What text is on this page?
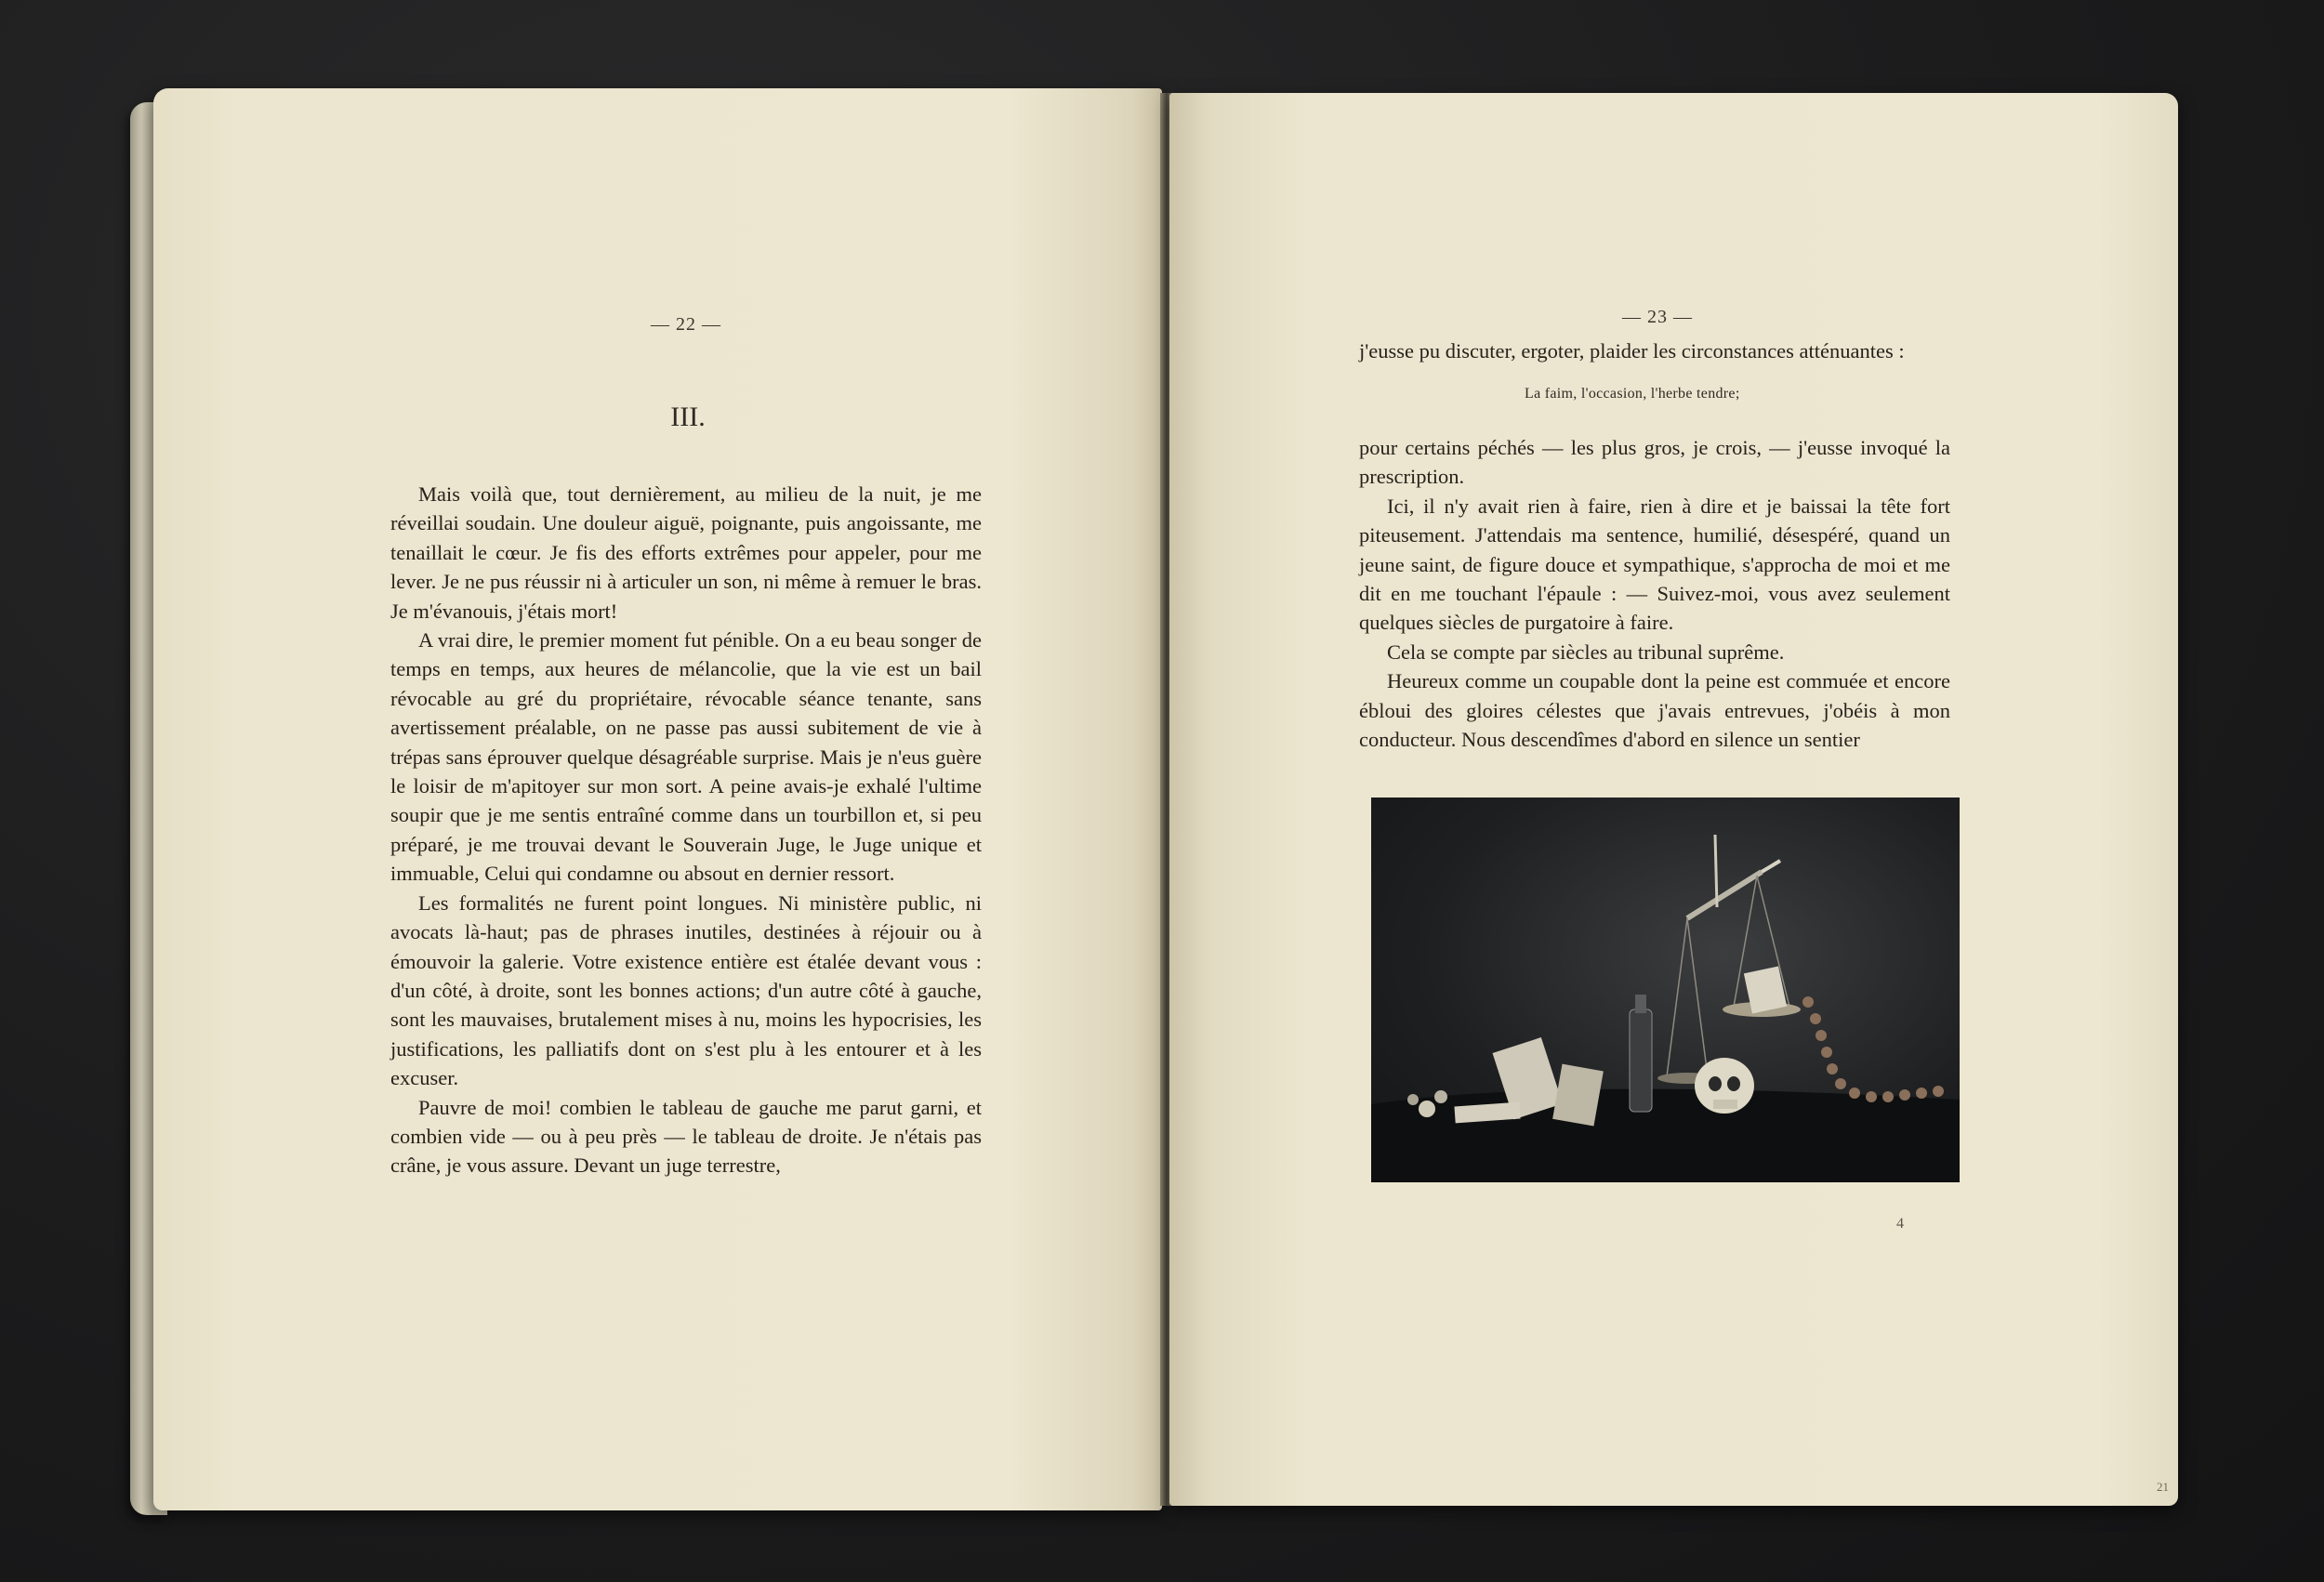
— 22 —
III.

Mais voilà que, tout dernièrement, au milieu de la nuit, je me réveillai soudain. Une douleur aiguë, poignante, puis angoissante, me tenaillait le cœur. Je fis des efforts extrêmes pour appeler, pour me lever. Je ne pus réussir ni à articuler un son, ni même à remuer le bras. Je m'évanouis, j'étais mort!

A vrai dire, le premier moment fut pénible. On a eu beau songer de temps en temps, aux heures de mélancolie, que la vie est un bail révocable au gré du propriétaire, révocable séance tenante, sans avertissement préalable, on ne passe pas aussi subitement de vie à trépas sans éprouver quelque désagréable surprise. Mais je n'eus guère le loisir de m'apitoyer sur mon sort. A peine avais-je exhalé l'ultime soupir que je me sentis entraîné comme dans un tourbillon et, si peu préparé, je me trouvai devant le Souverain Juge, le Juge unique et immuable, Celui qui condamne ou absout en dernier ressort.

Les formalités ne furent point longues. Ni ministère public, ni avocats là-haut; pas de phrases inutiles, destinées à réjouir ou à émouvoir la galerie. Votre existence entière est étalée devant vous : d'un côté, à droite, sont les bonnes actions; d'un autre côté à gauche, sont les mauvaises, brutalement mises à nu, moins les hypocrisies, les justifications, les palliatifs dont on s'est plu à les entourer et à les excuser.

Pauvre de moi! combien le tableau de gauche me parut garni, et combien vide — ou à peu près — le tableau de droite. Je n'étais pas crâne, je vous assure. Devant un juge terrestre,

— 23 —

j'eusse pu discuter, ergoter, plaider les circonstances atténuantes :

La faim, l'occasion, l'herbe tendre;

pour certains péchés — les plus gros, je crois, — j'eusse invoqué la prescription.

Ici, il n'y avait rien à faire, rien à dire et je baissai la tête fort piteusement. J'attendais ma sentence, humilié, désespéré, quand un jeune saint, de figure douce et sympathique, s'approcha de moi et me dit en me touchant l'épaule : — Suivez-moi, vous avez seulement quelques siècles de purgatoire à faire.

Cela se compte par siècles au tribunal suprême.

Heureux comme un coupable dont la peine est commuée et encore ébloui des gloires célestes que j'avais entrevues, j'obéis à mon conducteur. Nous descendîmes d'abord en silence un sentier

4
21
